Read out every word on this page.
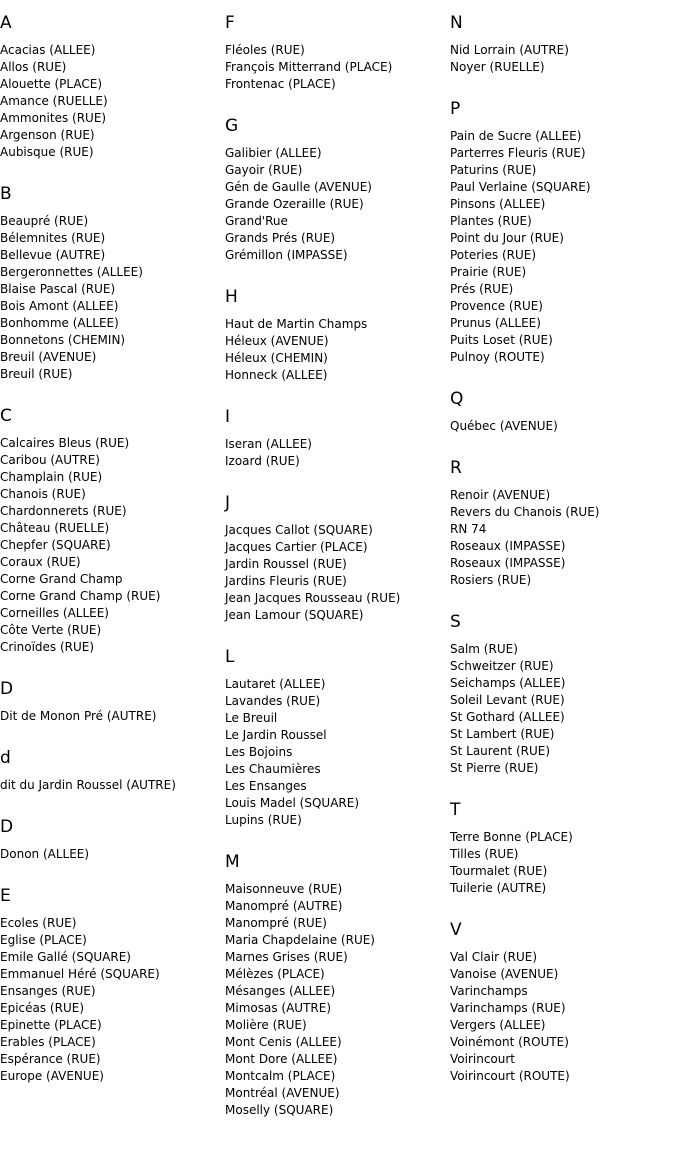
A
Acacias (ALLEE)
Allos (RUE)
Alouette (PLACE)
Amance (RUELLE)
Ammonites (RUE)
Argenson (RUE)
Aubisque (RUE)
B
Beaupré (RUE)
Bélemnites (RUE)
Bellevue (AUTRE)
Bergeronnettes (ALLEE)
Blaise Pascal (RUE)
Bois Amont (ALLEE)
Bonhomme (ALLEE)
Bonnetons (CHEMIN)
Breuil (AVENUE)
Breuil (RUE)
C
Calcaires Bleus (RUE)
Caribou (AUTRE)
Champlain (RUE)
Chanois (RUE)
Chardonnerets (RUE)
Château (RUELLE)
Chepfer (SQUARE)
Coraux (RUE)
Corne Grand Champ
Corne Grand Champ (RUE)
Corneilles (ALLEE)
Côte Verte (RUE)
Crinoïdes (RUE)
D
Dit de Monon Pré (AUTRE)
d
dit du Jardin Roussel (AUTRE)
D
Donon (ALLEE)
E
Ecoles (RUE)
Eglise (PLACE)
Emile Gallé (SQUARE)
Emmanuel Héré (SQUARE)
Ensanges (RUE)
Epicéas (RUE)
Epinette (PLACE)
Erables (PLACE)
Espérance (RUE)
Europe (AVENUE)
F
Fléoles (RUE)
François Mitterrand (PLACE)
Frontenac (PLACE)
G
Galibier (ALLEE)
Gayoir (RUE)
Gén de Gaulle (AVENUE)
Grande Ozeraille (RUE)
Grand'Rue
Grands Prés (RUE)
Grémillon (IMPASSE)
H
Haut de Martin Champs
Héleux (AVENUE)
Héleux (CHEMIN)
Honneck (ALLEE)
I
Iseran (ALLEE)
Izoard (RUE)
J
Jacques Callot (SQUARE)
Jacques Cartier (PLACE)
Jardin Roussel (RUE)
Jardins Fleuris (RUE)
Jean Jacques Rousseau (RUE)
Jean Lamour (SQUARE)
L
Lautaret (ALLEE)
Lavandes (RUE)
Le Breuil
Le Jardin Roussel
Les Bojoins
Les Chaumières
Les Ensanges
Louis Madel (SQUARE)
Lupins (RUE)
M
Maisonneuve (RUE)
Manompré (AUTRE)
Manompré (RUE)
Maria Chapdelaine (RUE)
Marnes Grises (RUE)
Mélèzes (PLACE)
Mésanges (ALLEE)
Mimosas (AUTRE)
Molière (RUE)
Mont Cenis (ALLEE)
Mont Dore (ALLEE)
Montcalm (PLACE)
Montréal (AVENUE)
Moselly (SQUARE)
N
Nid Lorrain (AUTRE)
Noyer (RUELLE)
P
Pain de Sucre (ALLEE)
Parterres Fleuris (RUE)
Paturins (RUE)
Paul Verlaine (SQUARE)
Pinsons (ALLEE)
Plantes (RUE)
Point du Jour (RUE)
Poteries (RUE)
Prairie (RUE)
Prés (RUE)
Provence (RUE)
Prunus (ALLEE)
Puits Loset (RUE)
Pulnoy (ROUTE)
Q
Québec (AVENUE)
R
Renoir (AVENUE)
Revers du Chanois (RUE)
RN 74
Roseaux (IMPASSE)
Roseaux (IMPASSE)
Rosiers (RUE)
S
Salm (RUE)
Schweitzer (RUE)
Seichamps (ALLEE)
Soleil Levant (RUE)
St Gothard (ALLEE)
St Lambert (RUE)
St Laurent (RUE)
St Pierre (RUE)
T
Terre Bonne (PLACE)
Tilles (RUE)
Tourmalet (RUE)
Tuilerie (AUTRE)
V
Val Clair (RUE)
Vanoise (AVENUE)
Varinchamps
Varinchamps (RUE)
Vergers (ALLEE)
Voinémont (ROUTE)
Voirincourt
Voirincourt (ROUTE)
